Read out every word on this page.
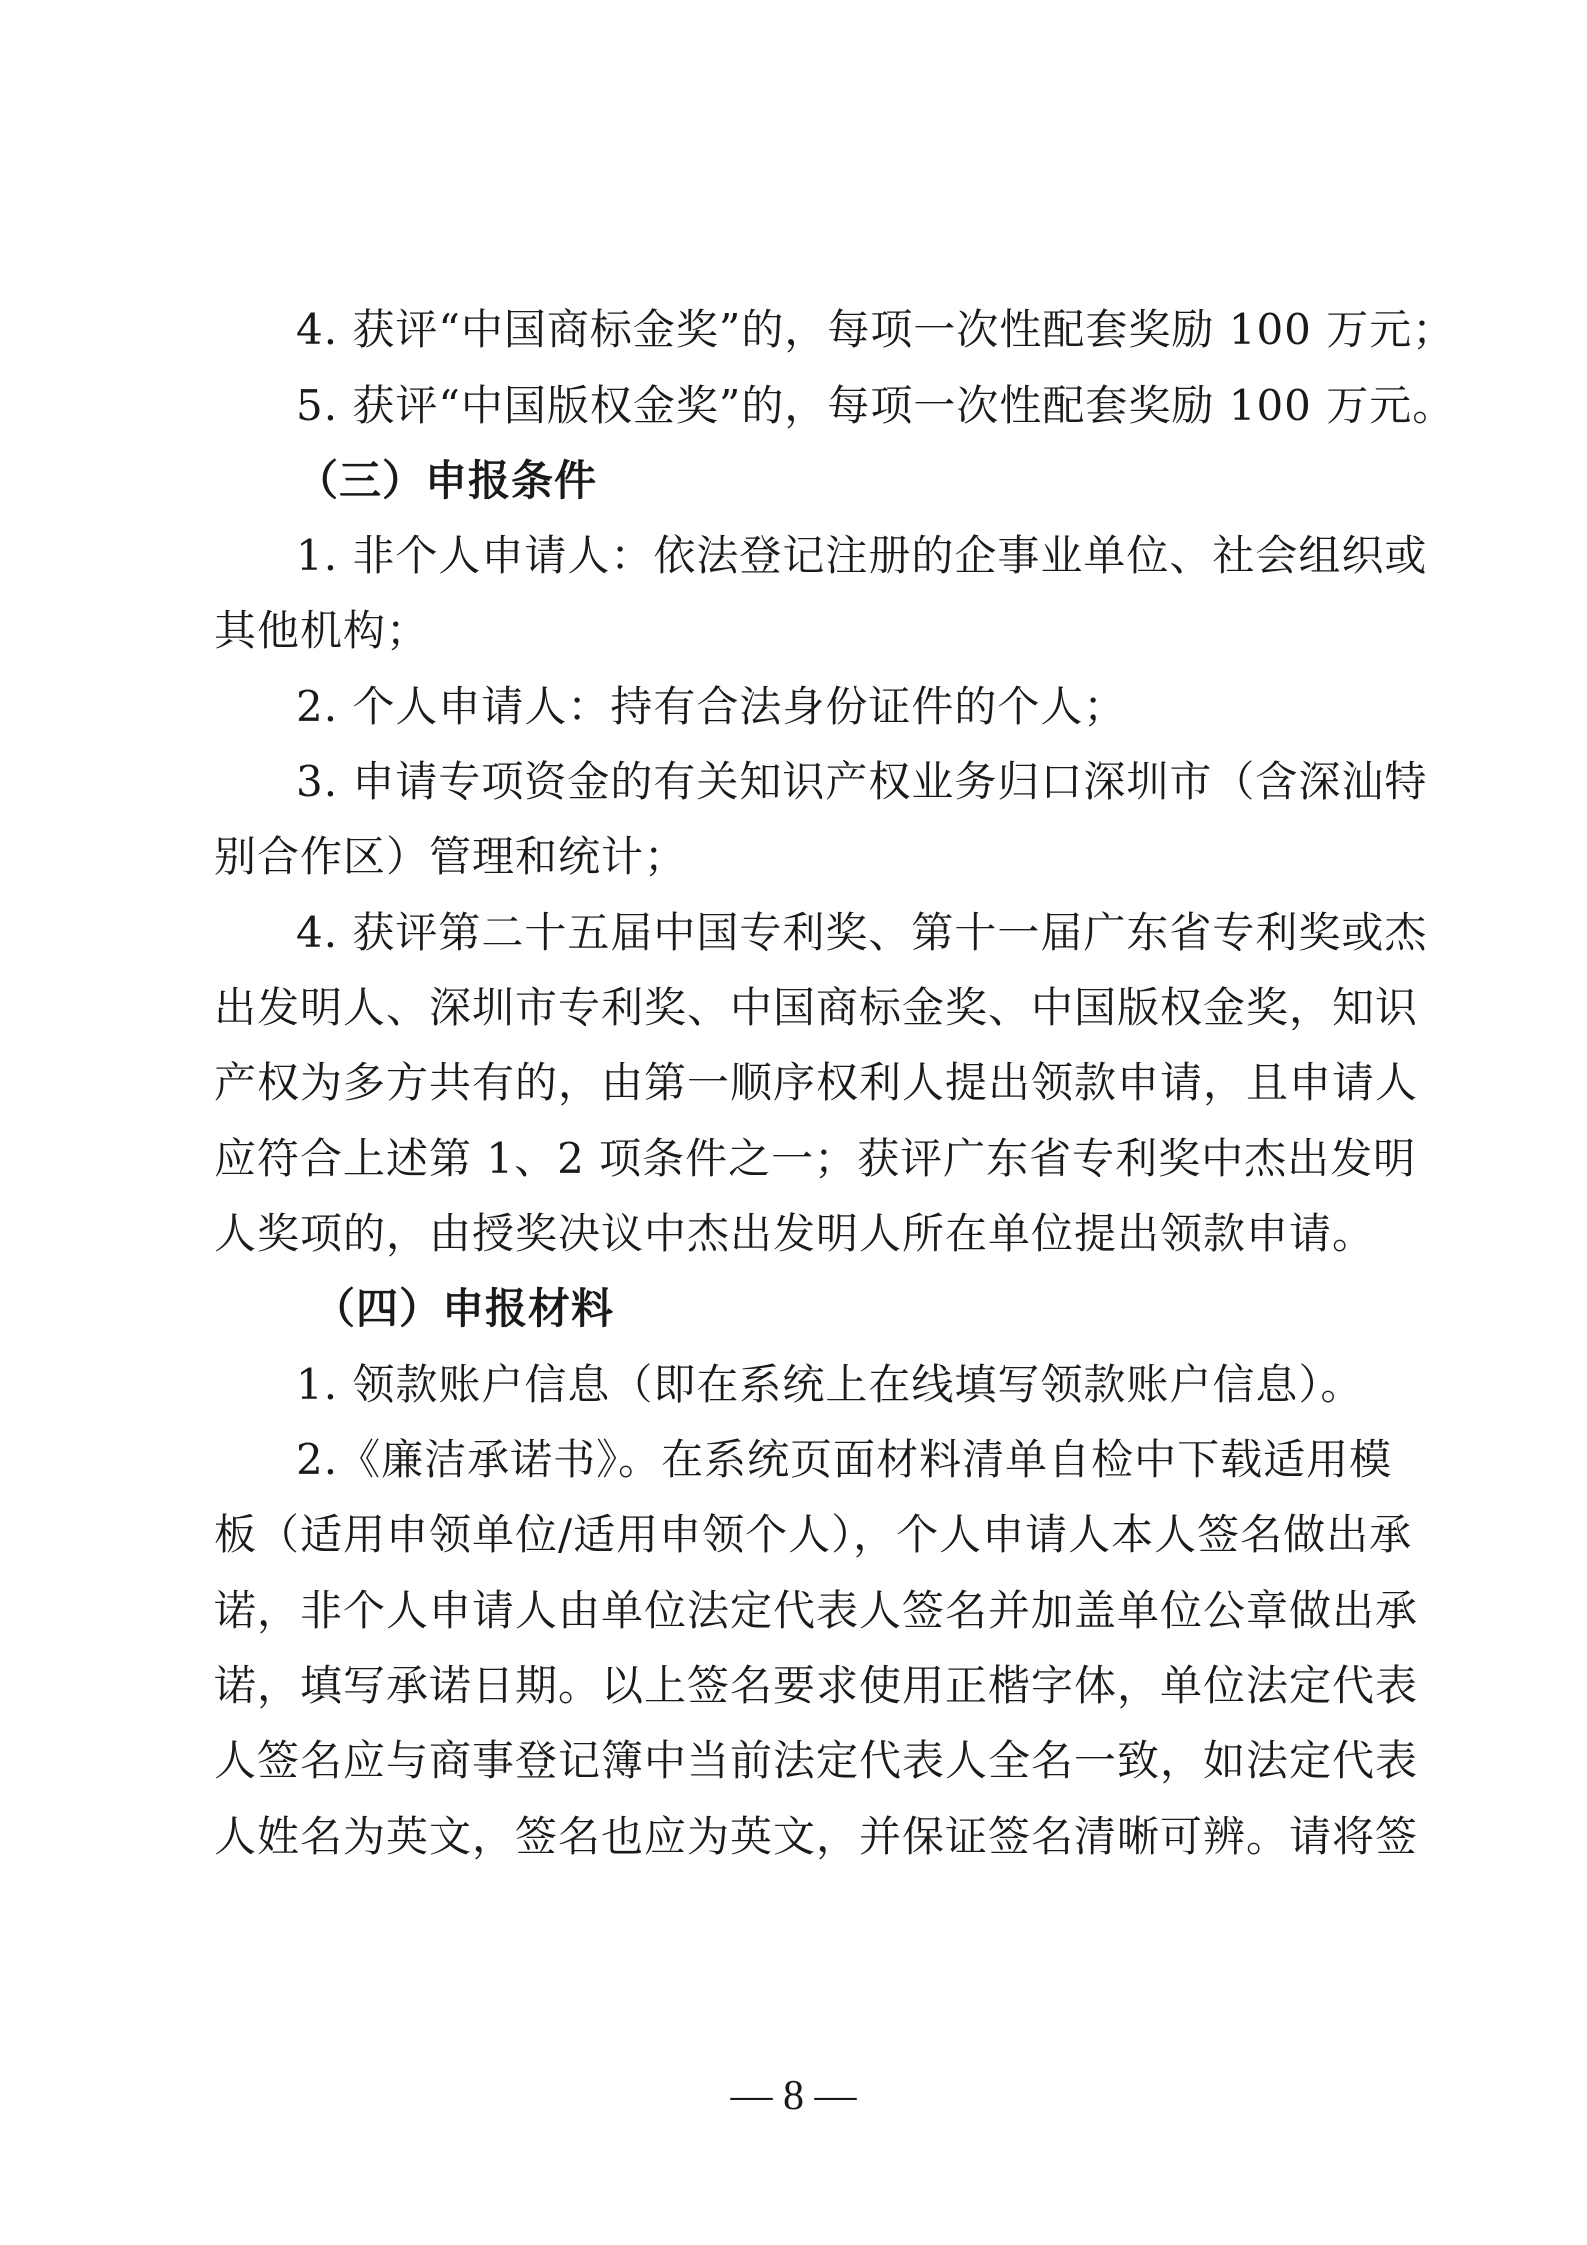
4. 获评“中国商标金奖”的，每项一次性配套奖励 100 万元；
5. 获评“中国版权金奖”的，每项一次性配套奖励 100 万元。
（三）申报条件
1. 非个人申请人：依法登记注册的企事业单位、社会组织或
其他机构；
2. 个人申请人：持有合法身份证件的个人；
3. 申请专项资金的有关知识产权业务归口深圳市（含深汕特
别合作区）管理和统计；
4. 获评第二十五届中国专利奖、第十一届广东省专利奖或杰
出发明人、深圳市专利奖、中国商标金奖、中国版权金奖，知识
产权为多方共有的，由第一顺序权利人提出领款申请，且申请人
应符合上述第 1、2 项条件之一；获评广东省专利奖中杰出发明
人奖项的，由授奖决议中杰出发明人所在单位提出领款申请。
（四）申报材料
1. 领款账户信息（即在系统上在线填写领款账户信息）。
2.《廉洁承诺书》。在系统页面材料清单自检中下载适用模
板（适用申领单位/适用申领个人），个人申请人本人签名做出承
诺，非个人申请人由单位法定代表人签名并加盖单位公章做出承
诺，填写承诺日期。以上签名要求使用正楷字体，单位法定代表
人签名应与商事登记簿中当前法定代表人全名一致，如法定代表
人姓名为英文，签名也应为英文，并保证签名清晰可辨。请将签
— 8 —
